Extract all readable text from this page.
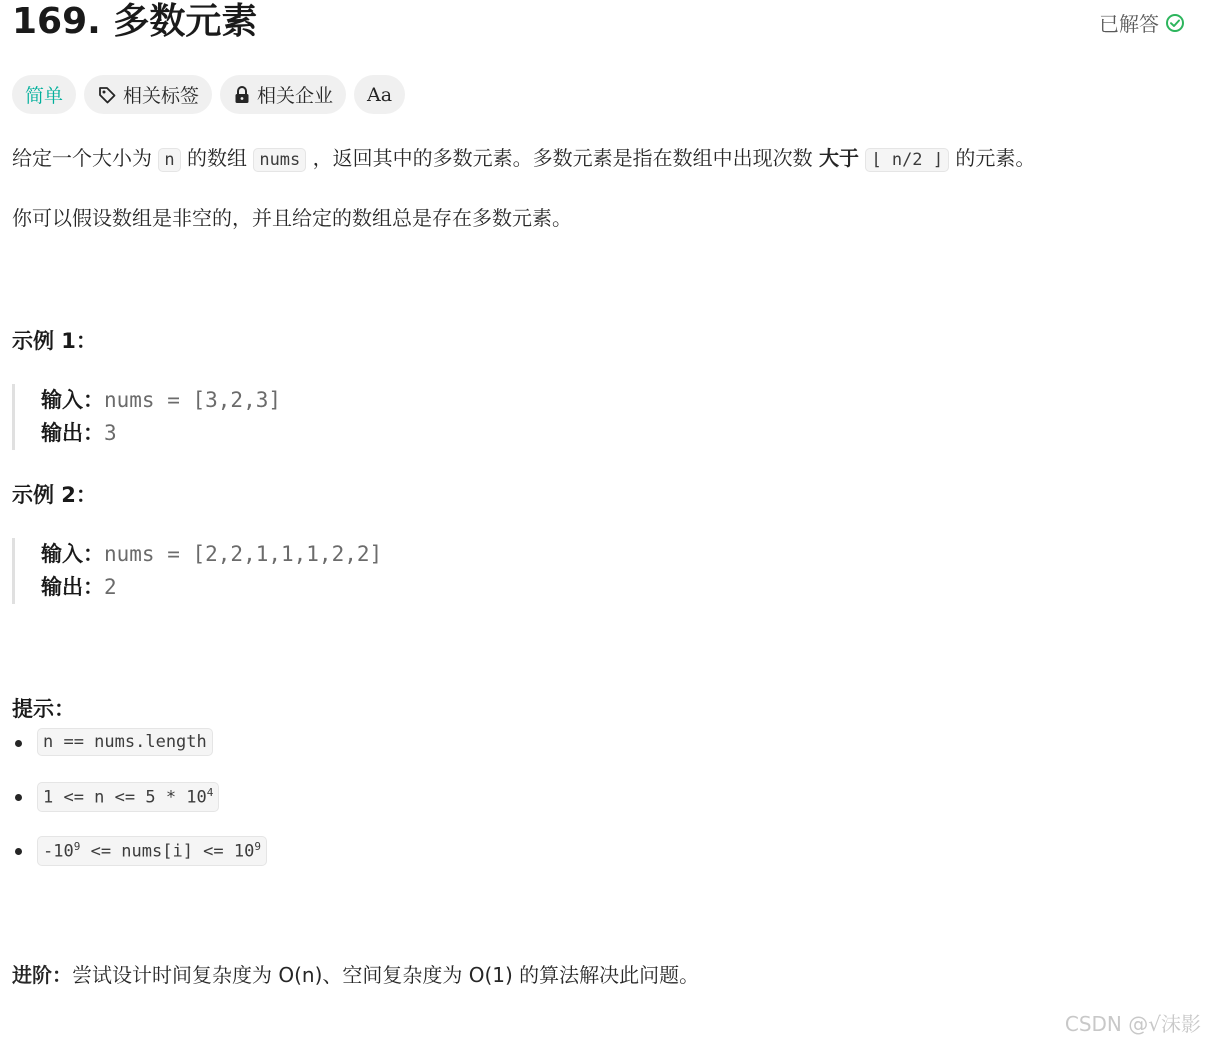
169. 多数元素	已解答
简单	相关标签	相关企业 Aa
给定一个大小为 n 的数组 nums ，返回其中的多数元素。多数元素是指在数组中出现次数 大于 ⌊ n/2 ⌋ 的元素。
你可以假设数组是非空的，并且给定的数组总是存在多数元素。
示例 1：
输入：nums = [3,2,3]
输出：3
示例 2：
输入：nums = [2,2,1,1,1,2,2]
输出：2
提示：
n == nums.length
$1 <= n <= 5 * 10^4$
$-10^9$ <= nums[i] <= $10^9$
进阶：尝试设计时间复杂度为 O(n)、空间复杂度为 O(1) 的算法解决此问题。
CSDN @√沫影
